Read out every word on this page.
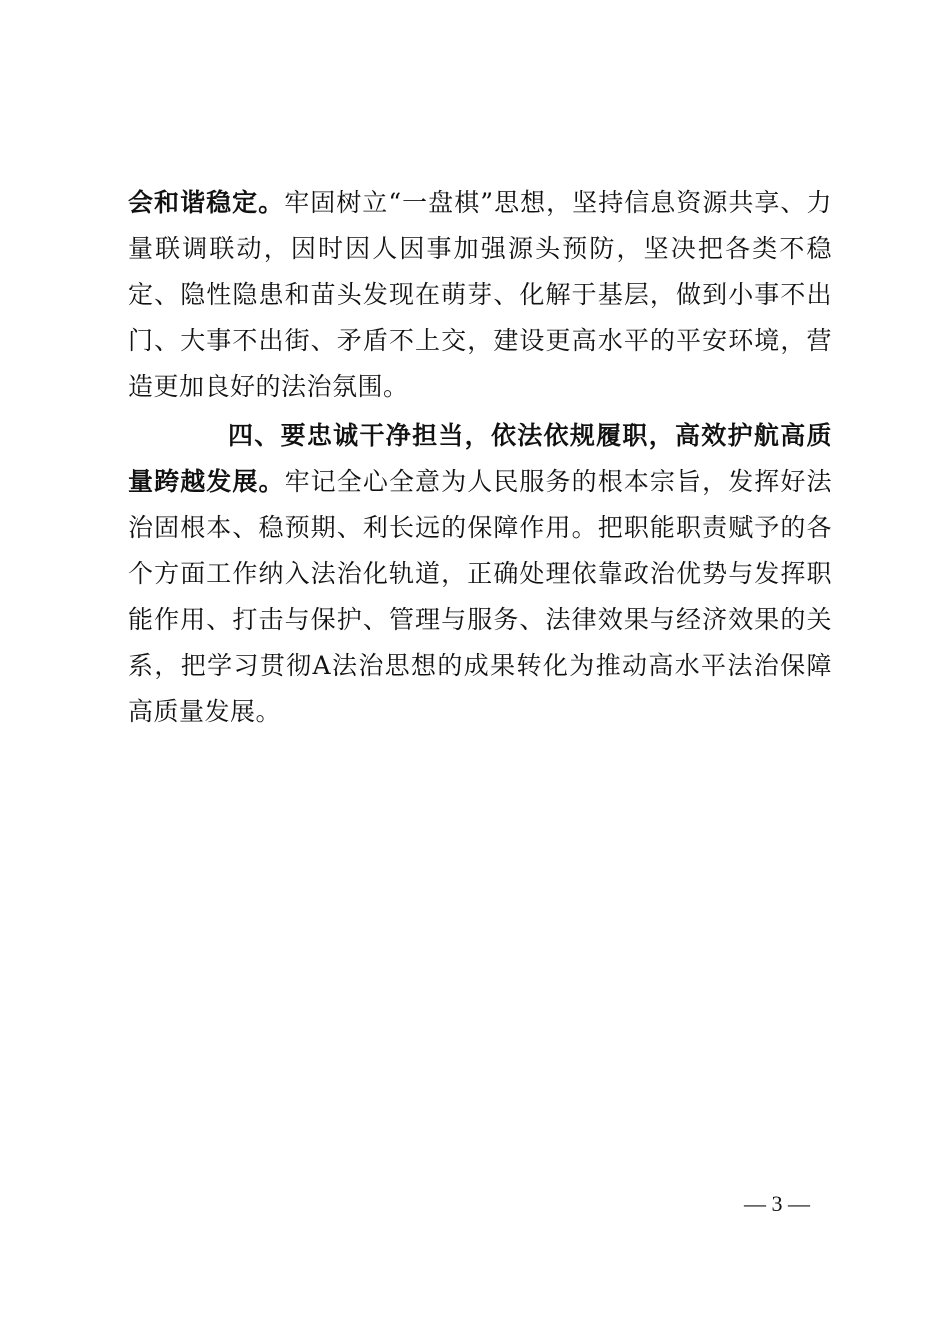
会和谐稳定。牢固树立“一盘棋”思想，坚持信息资源共享、力量联调联动，因时因人因事加强源头预防，坚决把各类不稳定、隐性隐患和苗头发现在萌芽、化解于基层，做到小事不出门、大事不出街、矛盾不上交，建设更高水平的平安环境，营造更加良好的法治氛围。

四、要忠诚干净担当，依法依规履职，高效护航高质量跨越发展。牢记全心全意为人民服务的根本宗旨，发挥好法治固根本、稳预期、利长远的保障作用。把职能职责赋予的各个方面工作纳入法治化轨道，正确处理依靠政治优势与发挥职能作用、打击与保护、管理与服务、法律效果与经济效果的关系，把学习贯彻A法治思想的成果转化为推动高水平法治保障高质量发展。

— 3 —
